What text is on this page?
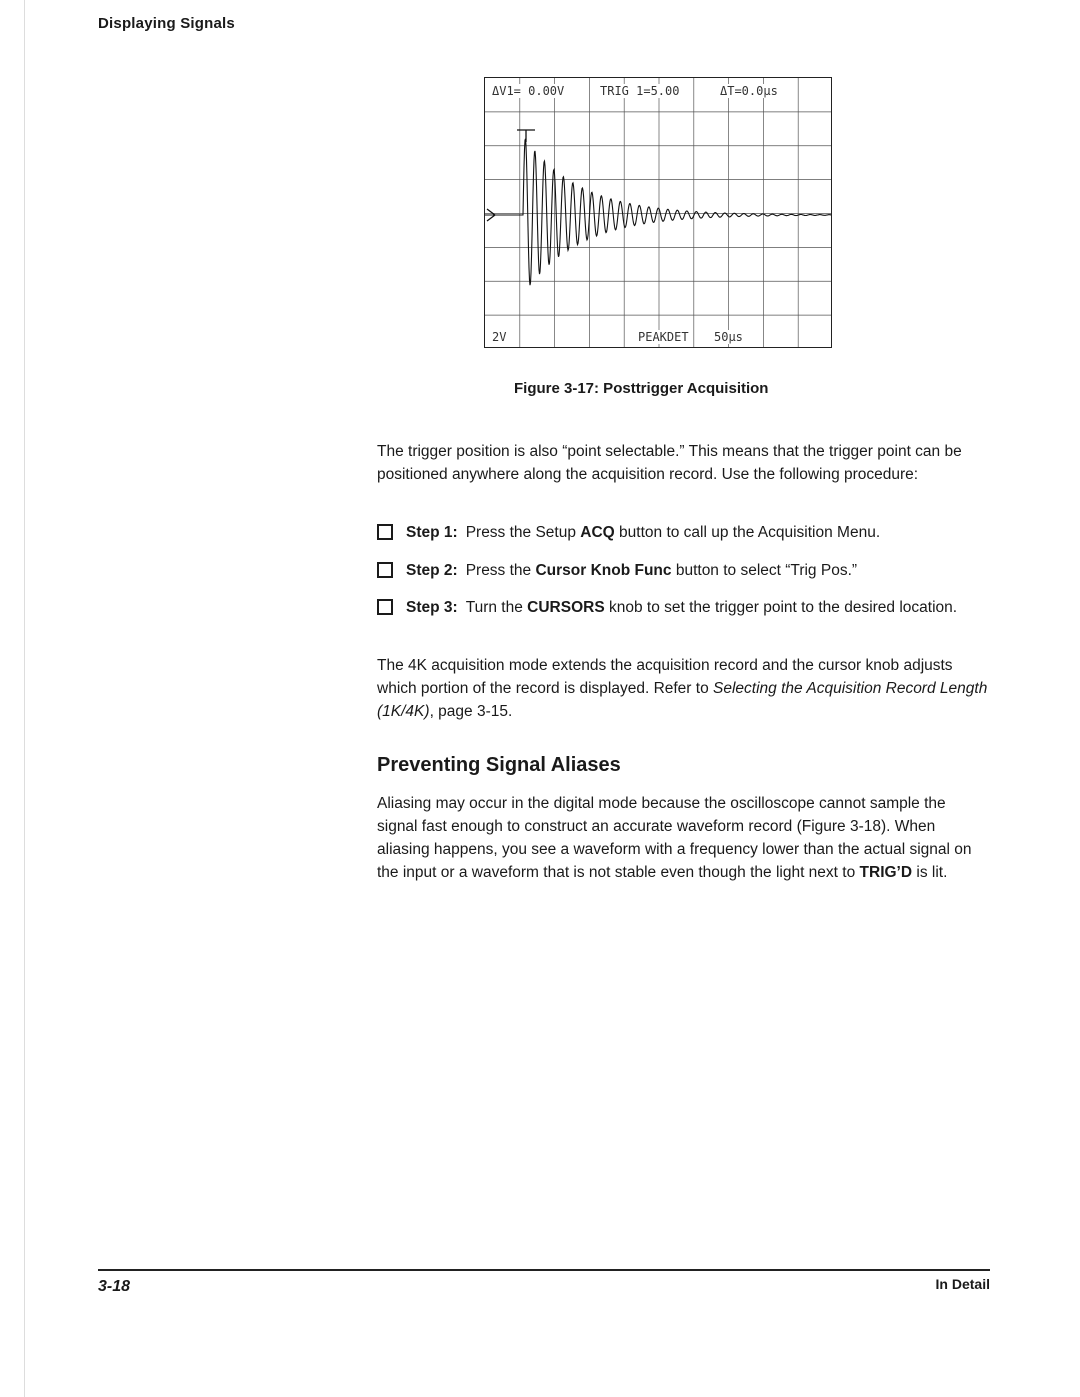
Displaying Signals
ΔV1= 0.00V	TRIG 1=5.00	ΔT=0.0μs
2V	PEAKDET 50μs
Figure 3-17: Posttrigger Acquisition
The trigger position is also “point selectable.” This means that the trigger point can be positioned anywhere along the acquisition record. Use the following procedure:
Step 1: Press the Setup ACQ button to call up the Acquisition Menu.
Step 2: Press the Cursor Knob Func button to select “Trig Pos.”
Step 3: Turn the CURSORS knob to set the trigger point to the desired location.
The 4K acquisition mode extends the acquisition record and the cursor knob adjusts which portion of the record is displayed. Refer to Selecting the Acquisition Record Length (1K/4K), page 3-15.
Preventing Signal Aliases
Aliasing may occur in the digital mode because the oscilloscope cannot sample the signal fast enough to construct an accurate waveform record (Figure 3-18). When aliasing happens, you see a waveform with a frequency lower than the actual signal on the input or a waveform that is not stable even though the light next to TRIG’D is lit.
3-18	In Detail
